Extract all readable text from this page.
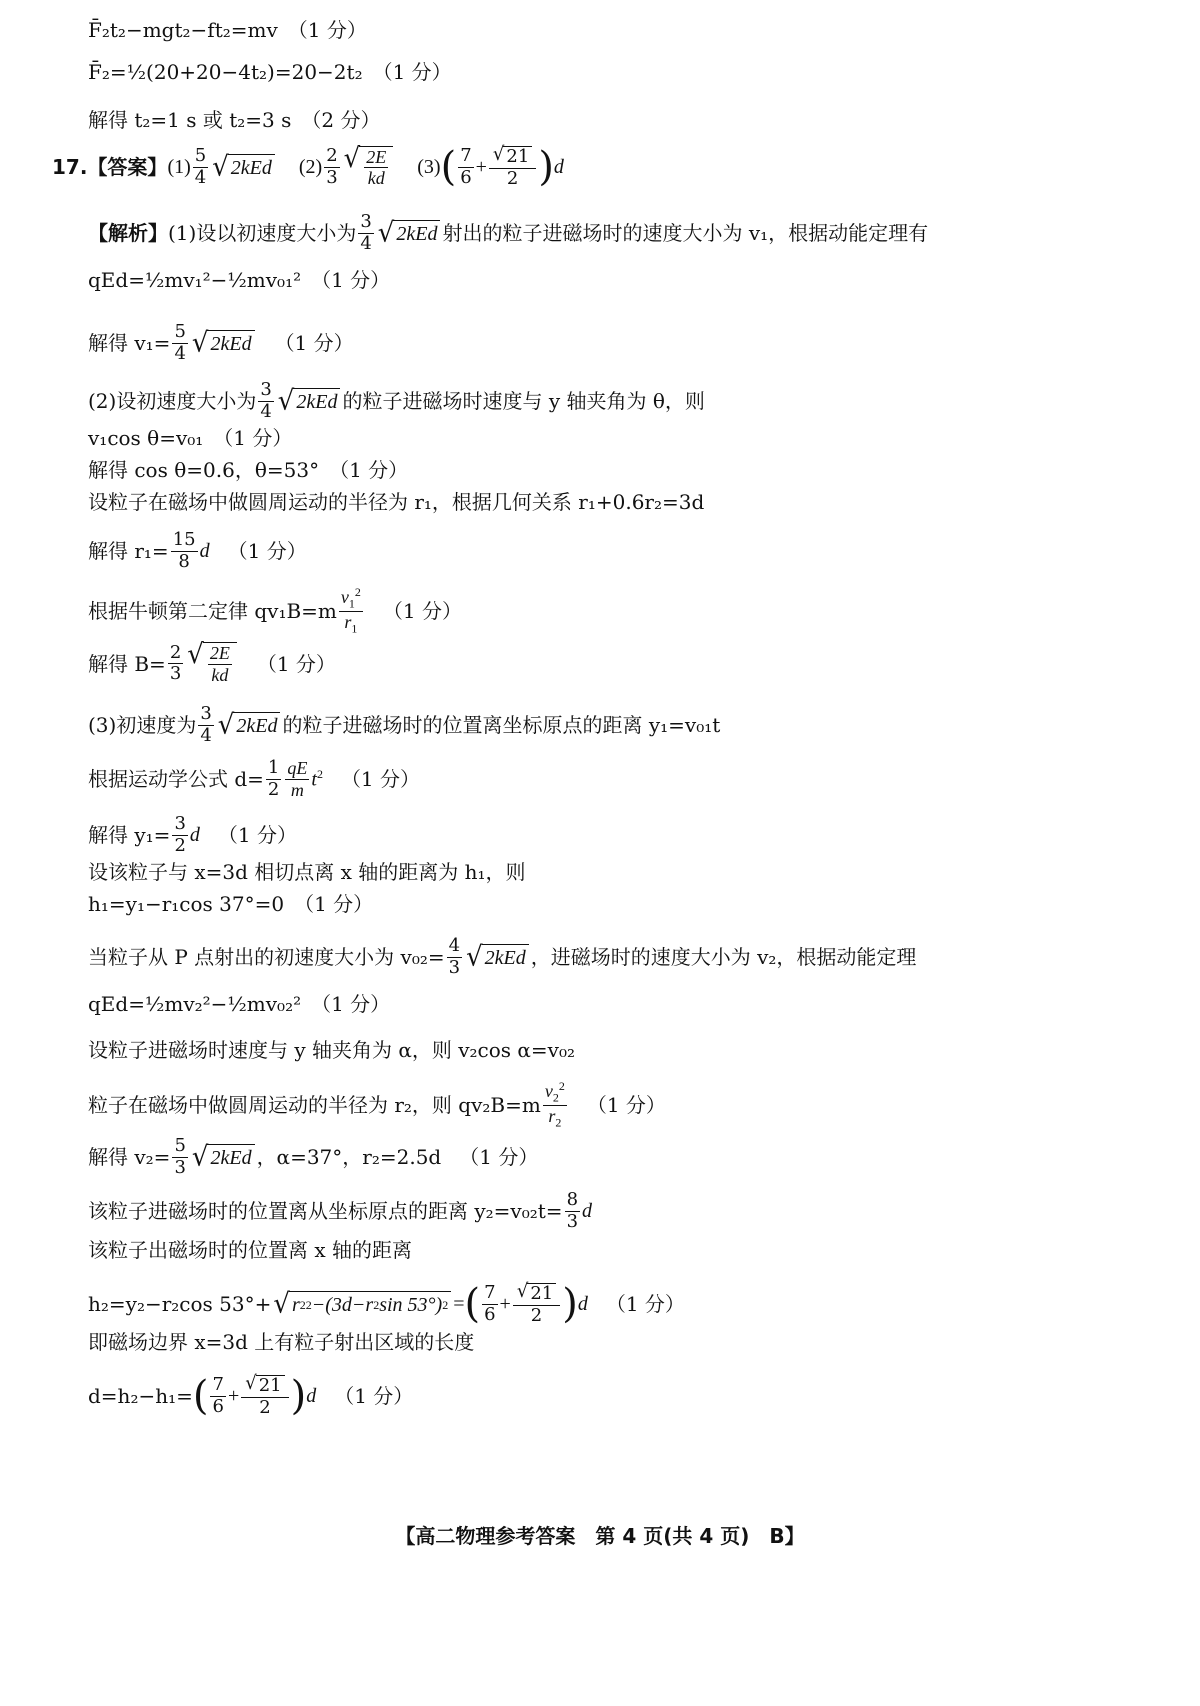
F̄₂t₂−mgt₂−ft₂=mv　（1 分）
F̄₂=½(20+20−4t₂)=20−2t₂　（1 分）
解得 t₂=1 s 或 t₂=3 s　（2 分）
17.【答案】 $(1) \frac{5}{4}$ √ 2kEd $(2) \frac{2}{3}$ √ $\frac{2E}{kd} (3)$ ( $\frac{7}{6} + \frac{√ 21}{2}$ ) d
【解析】 (1)设以初速度大小为 $\frac{3}{4}$ √ 2kEd 射出的粒子进磁场时的速度大小为 v₁，根据动能定理有
qEd=½mv₁²−½mv₀₁²　（1 分）
解得 $v_1= \frac{5}{4}$ √ 2kEd （1 分）
(2)设初速度大小为 $\frac{3}{4}$ √ 2kEd 的粒子进磁场时速度与 y 轴夹角为 θ，则
v₁cos θ=v₀₁　（1 分）
解得 cos θ=0.6，θ=53°　（1 分）
设粒子在磁场中做圆周运动的半径为 r₁，根据几何关系 r₁+0.6r₂=3d
解得 $r_1= \frac{15}{8}$ d （1 分）
根据牛顿第二定律 $qv_1B=m \frac{v_1^2}{r_1} (1$ 分）
解得 $B= \frac{2}{3}$ √ $\frac{2E}{kd} (1$ 分）
(3)初速度为 $\frac{3}{4}$ √ 2kEd 的粒子进磁场时的位置离坐标原点的距离 y₁=v₀₁t
根据运动学公式 $d= \frac{1}{2} \frac{qE}{m} t^2$ （1 分）
解得 $y_1= \frac{3}{2}$ d （1 分）
设该粒子与 x=3d 相切点离 x 轴的距离为 h₁，则
h₁=y₁−r₁cos 37°=0　（1 分）
当粒子从 P 点射出的初速度大小为 $v_{02}= \frac{4}{3}$ √ 2kEd ，进磁场时的速度大小为 v₂，根据动能定理
qEd=½mv₂²−½mv₀₂²　（1 分）
设粒子进磁场时速度与 y 轴夹角为 α，则 v₂cos α=v₀₂
粒子在磁场中做圆周运动的半径为 r₂，则 $qv_2B=m \frac{v_2^2}{r_2} (1$ 分）
解得 $v_2= \frac{5}{3}$ √ 2kEd ，α=37°，r₂=2.5d （1 分）
该粒子进磁场时的位置离从坐标原点的距离 $y_2=v_{02}t= \frac{8}{3}$ d
该粒子出磁场时的位置离 x 轴的距离
h₂=y₂−r₂cos 53°+ √ r 2 2 −(3d−r 2 sin 53°) 2 = ( $\frac{7}{6} + \frac{√ 21}{2}$ ) d （1 分）
即磁场边界 x=3d 上有粒子射出区域的长度
d=h₂−h₁= ( $\frac{7}{6} + \frac{√ 21}{2}$ ) d （1 分）
【高二物理参考答案　第 4 页(共 4 页)　B】
